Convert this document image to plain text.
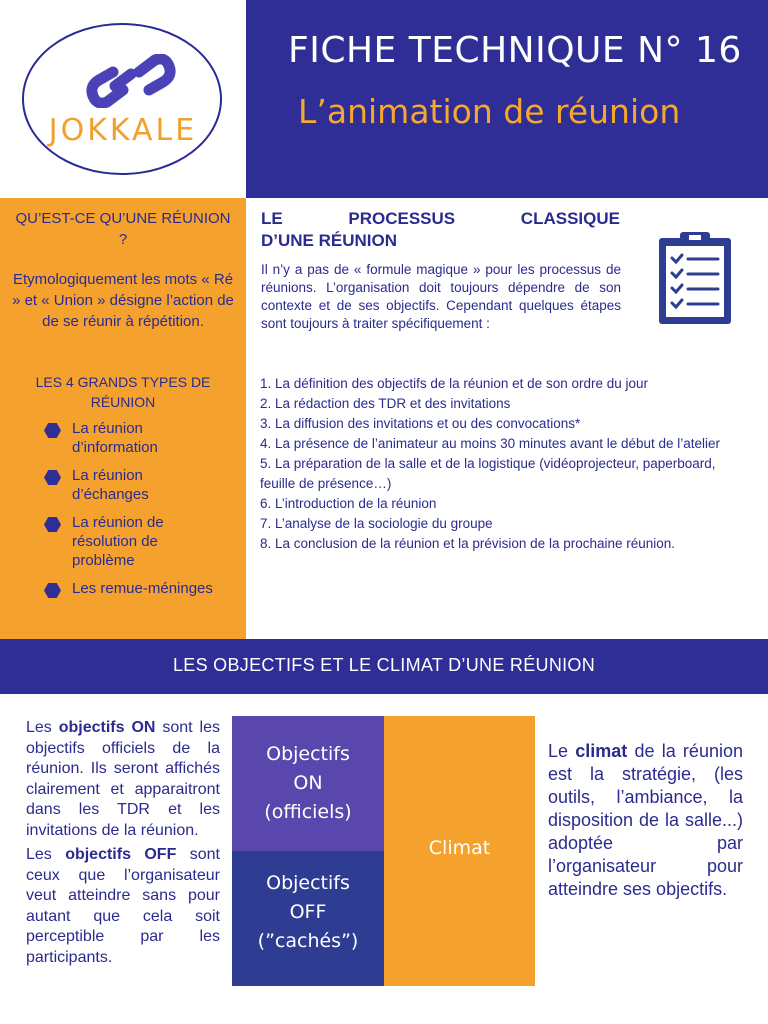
JOKKALE
FICHE TECHNIQUE N° 16
L’animation de réunion
QU’EST-CE QU’UNE RÉUNION ?
Etymologiquement les mots « Ré » et « Union » désigne l’action de de se réunir à répétition.
LES 4 GRANDS TYPES DE RÉUNION
La réunion d’information
La réunion d’échanges
La réunion de résolution de problème
Les remue-méninges
LE PROCESSUS CLASSIQUE
D’UNE RÉUNION
Il n’y a pas de « formule magique » pour les processus de réunions. L’organisation doit toujours dépendre de son contexte et de ses objectifs. Cependant quelques étapes sont toujours à traiter spécifiquement :
1. La définition des objectifs de la réunion et de son ordre du jour
2. La rédaction des TDR et des invitations
3. La diffusion des invitations et ou des convocations*
4. La présence de l’animateur au moins 30 minutes avant le début de l’atelier
5. La préparation de la salle et de la logistique (vidéoprojecteur, paperboard, feuille de présence…)
6. L’introduction de la réunion
7. L’analyse de la sociologie du groupe
8. La conclusion de la réunion et la prévision de la prochaine réunion.
LES OBJECTIFS ET LE CLIMAT D’UNE RÉUNION

Les objectifs ON sont les objectifs officiels de la réunion. Ils seront affichés clairement et apparaitront dans les TDR et les invitations de la réunion.

Les objectifs OFF sont ceux que l’organisateur veut atteindre sans pour autant que cela soit perceptible par les participants.

Objectifs
ON
(officiels)
Objectifs
OFF
(”cachés”)
Climat
Le climat de la réunion est la stratégie, (les outils, l’ambiance, la disposition de la salle...) adoptée par l’organisateur pour atteindre ses objectifs.
